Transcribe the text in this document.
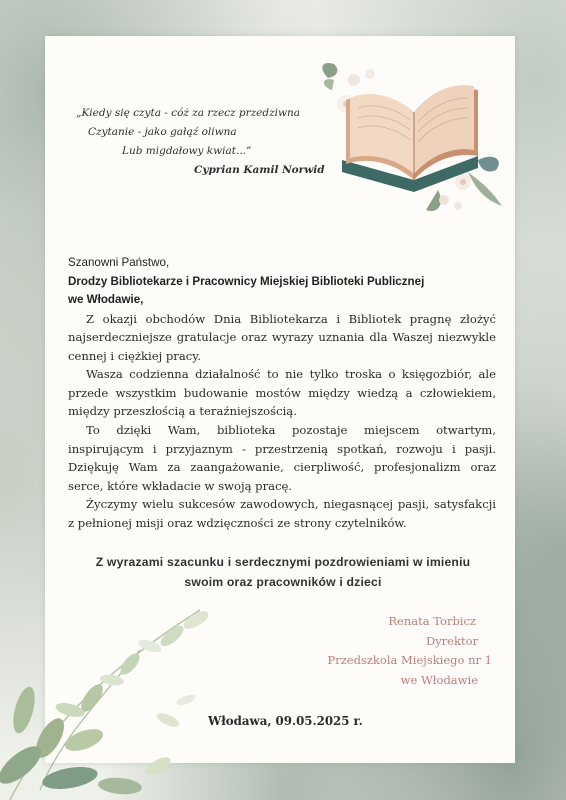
„Kiedy się czyta - cóż za rzecz przedziwna
Czytanie - jako gałąź oliwna
Lub migdałowy kwiat...”
Cyprian Kamil Norwid
Szanowni Państwo,
Drodzy Bibliotekarze i Pracownicy Miejskiej Biblioteki Publicznej
we Włodawie,

Z okazji obchodów Dnia Bibliotekarza i Bibliotek pragnę złożyć najserdeczniejsze gratulacje oraz wyrazy uznania dla Waszej niezwykle cennej i ciężkiej pracy.

Wasza codzienna działalność to nie tylko troska o księgozbiór, ale przede wszystkim budowanie mostów między wiedzą a człowiekiem, między przeszłością a teraźniejszością.

To dzięki Wam, biblioteka pozostaje miejscem otwartym, inspirującym i przyjaznym - przestrzenią spotkań, rozwoju i pasji. Dziękuję Wam za zaangażowanie, cierpliwość, profesjonalizm oraz serce, które wkładacie w swoją pracę.

Życzymy wielu sukcesów zawodowych, niegasnącej pasji, satysfakcji z pełnionej misji oraz wdzięczności ze strony czytelników.

Z wyrazami szacunku i serdecznymi pozdrowieniami w imieniu
swoim oraz pracowników i dzieci
Renata Torbicz
Dyrektor
Przedszkola Miejskiego nr 1
we Włodawie
Włodawa, 09.05.2025 r.
